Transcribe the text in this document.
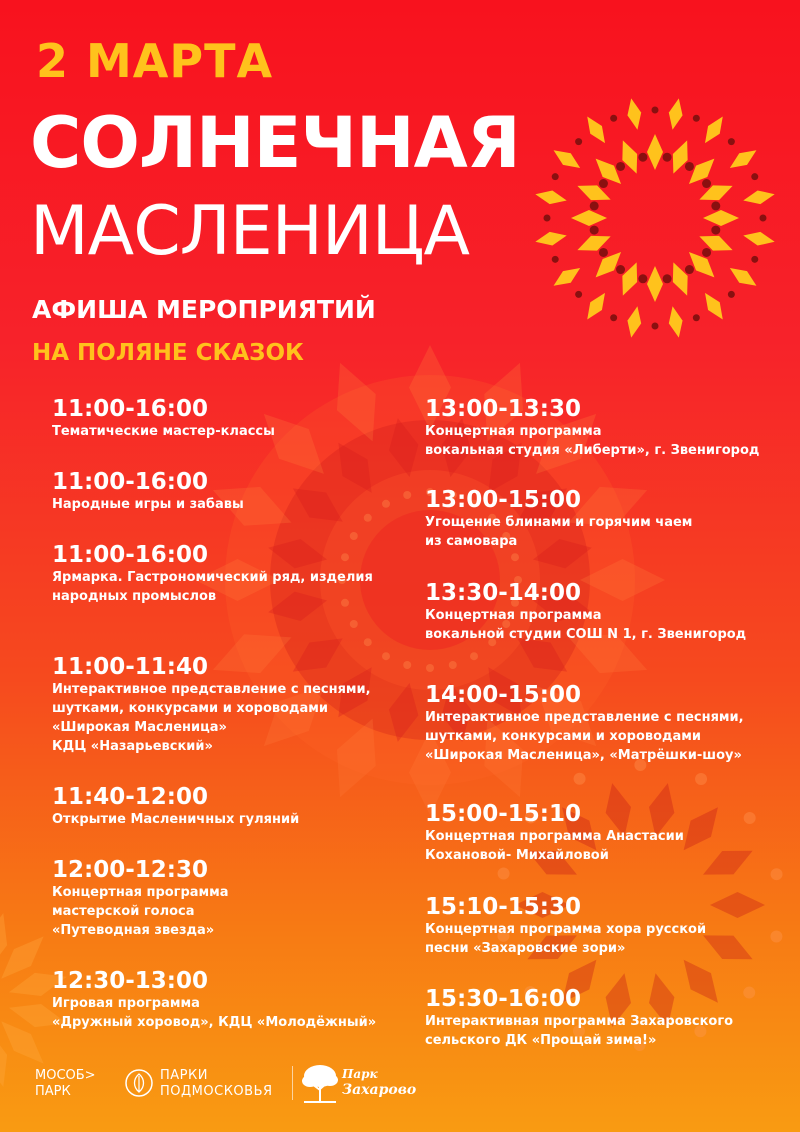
2 МАРТА
СОЛНЕЧНАЯ
МАСЛЕНИЦА
АФИША МЕРОПРИЯТИЙ
НА ПОЛЯНЕ СКАЗОК
11:00-16:00
Тематические мастер-классы
11:00-16:00
Народные игры и забавы
11:00-16:00
Ярмарка. Гастрономический ряд, изделия
народных промыслов
11:00-11:40
Интерактивное представление с песнями,
шутками, конкурсами и хороводами
«Широкая Масленица»
КДЦ «Назарьевский»
11:40-12:00
Открытие Масленичных гуляний
12:00-12:30
Концертная программа
мастерской голоса
«Путеводная звезда»
12:30-13:00
Игровая программа
«Дружный хоровод», КДЦ «Молодёжный»
13:00-13:30
Концертная программа
вокальная студия «Либерти», г. Звенигород
13:00-15:00
Угощение блинами и горячим чаем
из самовара
13:30-14:00
Концертная программа
вокальной студии СОШ N 1, г. Звенигород
14:00-15:00
Интерактивное представление с песнями,
шутками, конкурсами и хороводами
«Широкая Масленица», «Матрёшки-шоу»
15:00-15:10
Концертная программа Анастасии
Кохановой- Михайловой
15:10-15:30
Концертная программа хора русской
песни «Захаровские зори»
15:30-16:00
Интерактивная программа Захаровского
сельского ДК «Прощай зима!»
МОСОБ>
ПАРК
ПАРКИ
ПОДМОСКОВЬЯ
Парк
Захарово
